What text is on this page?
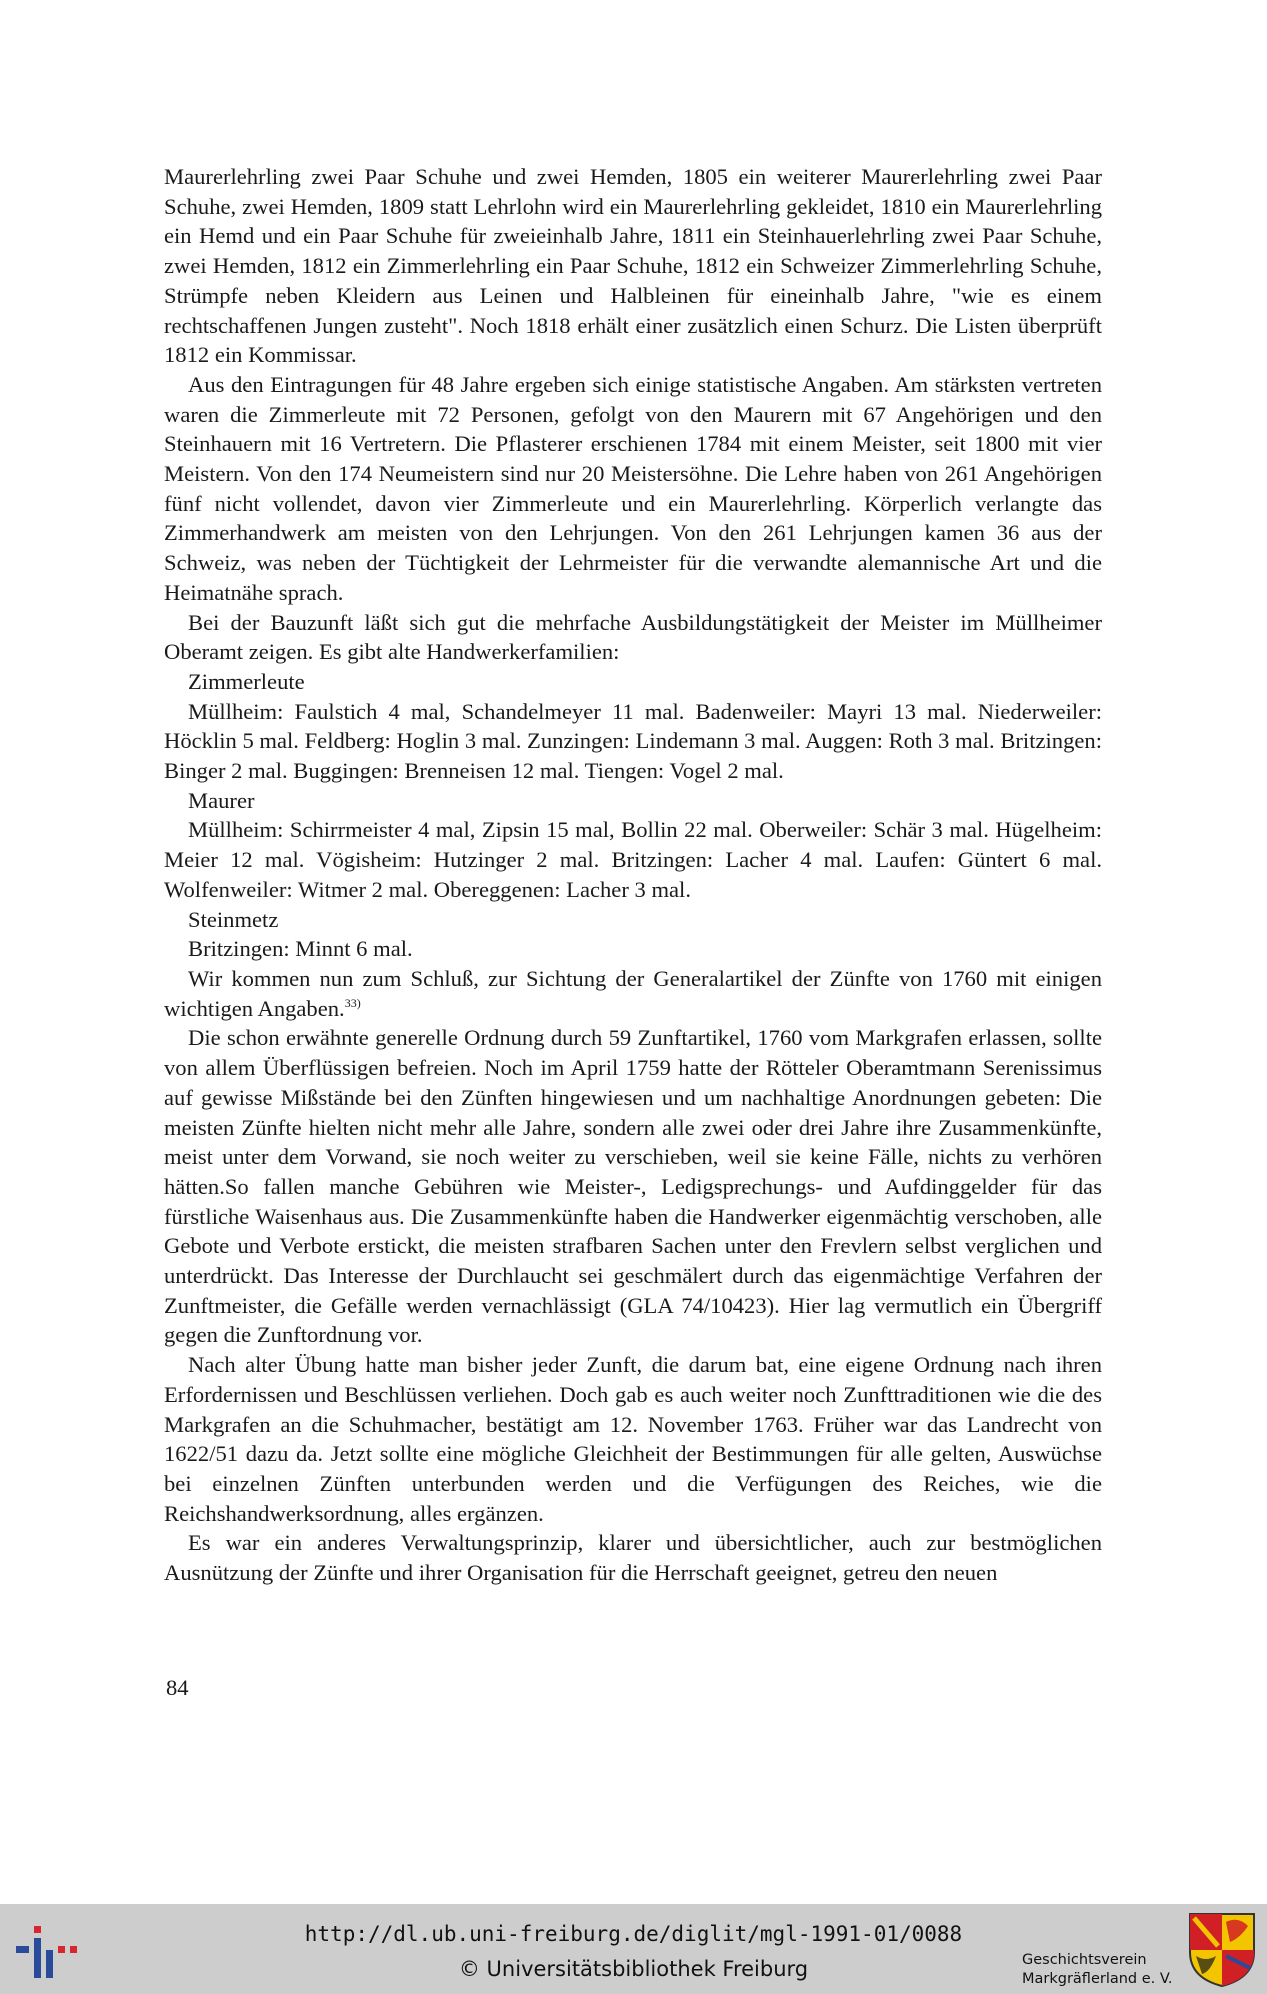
Maurerlehrling zwei Paar Schuhe und zwei Hemden, 1805 ein weiterer Maurerlehrling zwei Paar Schuhe, zwei Hemden, 1809 statt Lehrlohn wird ein Maurerlehrling gekleidet, 1810 ein Maurerlehrling ein Hemd und ein Paar Schuhe für zweieinhalb Jahre, 1811 ein Steinhauerlehrling zwei Paar Schuhe, zwei Hemden, 1812 ein Zimmerlehrling ein Paar Schuhe, 1812 ein Schweizer Zimmerlehrling Schuhe, Strümpfe neben Kleidern aus Leinen und Halbleinen für eineinhalb Jahre, "wie es einem rechtschaffenen Jungen zusteht". Noch 1818 erhält einer zusätzlich einen Schurz. Die Listen überprüft 1812 ein Kommissar.

Aus den Eintragungen für 48 Jahre ergeben sich einige statistische Angaben. Am stärksten vertreten waren die Zimmerleute mit 72 Personen, gefolgt von den Maurern mit 67 Angehörigen und den Steinhauern mit 16 Vertretern. Die Pflasterer erschienen 1784 mit einem Meister, seit 1800 mit vier Meistern. Von den 174 Neumeistern sind nur 20 Meistersöhne. Die Lehre haben von 261 Angehörigen fünf nicht vollendet, davon vier Zimmerleute und ein Maurerlehrling. Körperlich verlangte das Zimmerhandwerk am meisten von den Lehrjungen. Von den 261 Lehrjungen kamen 36 aus der Schweiz, was neben der Tüchtigkeit der Lehrmeister für die verwandte alemannische Art und die Heimatnähe sprach.

Bei der Bauzunft läßt sich gut die mehrfache Ausbildungstätigkeit der Meister im Müllheimer Oberamt zeigen. Es gibt alte Handwerkerfamilien:

Zimmerleute

Müllheim: Faulstich 4 mal, Schandelmeyer 11 mal. Badenweiler: Mayri 13 mal. Niederweiler: Höcklin 5 mal. Feldberg: Hoglin 3 mal. Zunzingen: Lindemann 3 mal. Auggen: Roth 3 mal. Britzingen: Binger 2 mal. Buggingen: Brenneisen 12 mal. Tiengen: Vogel 2 mal.

Maurer

Müllheim: Schirrmeister 4 mal, Zipsin 15 mal, Bollin 22 mal. Oberweiler: Schär 3 mal. Hügelheim: Meier 12 mal. Vögisheim: Hutzinger 2 mal. Britzingen: Lacher 4 mal. Laufen: Güntert 6 mal. Wolfenweiler: Witmer 2 mal. Obereggenen: Lacher 3 mal.

Steinmetz

Britzingen: Minnt 6 mal.

Wir kommen nun zum Schluß, zur Sichtung der Generalartikel der Zünfte von 1760 mit einigen wichtigen Angaben.$^{33)}$

Die schon erwähnte generelle Ordnung durch 59 Zunftartikel, 1760 vom Markgrafen erlassen, sollte von allem Überflüssigen befreien. Noch im April 1759 hatte der Rötteler Oberamtmann Serenissimus auf gewisse Mißstände bei den Zünften hingewiesen und um nachhaltige Anordnungen gebeten: Die meisten Zünfte hielten nicht mehr alle Jahre, sondern alle zwei oder drei Jahre ihre Zusammenkünfte, meist unter dem Vorwand, sie noch weiter zu verschieben, weil sie keine Fälle, nichts zu verhören hätten.So fallen manche Gebühren wie Meister-, Ledigsprechungs- und Aufdinggelder für das fürstliche Waisenhaus aus. Die Zusammenkünfte haben die Handwerker eigenmächtig verschoben, alle Gebote und Verbote erstickt, die meisten strafbaren Sachen unter den Frevlern selbst verglichen und unterdrückt. Das Interesse der Durchlaucht sei geschmälert durch das eigenmächtige Verfahren der Zunftmeister, die Gefälle werden vernachlässigt (GLA 74/10423). Hier lag vermutlich ein Übergriff gegen die Zunftordnung vor.

Nach alter Übung hatte man bisher jeder Zunft, die darum bat, eine eigene Ordnung nach ihren Erfordernissen und Beschlüssen verliehen. Doch gab es auch weiter noch Zunfttraditionen wie die des Markgrafen an die Schuhmacher, bestätigt am 12. November 1763. Früher war das Landrecht von 1622/51 dazu da. Jetzt sollte eine mögliche Gleichheit der Bestimmungen für alle gelten, Auswüchse bei einzelnen Zünften unterbunden werden und die Verfügungen des Reiches, wie die Reichshandwerksordnung, alles ergänzen.

Es war ein anderes Verwaltungsprinzip, klarer und übersichtlicher, auch zur bestmöglichen Ausnützung der Zünfte und ihrer Organisation für die Herrschaft geeignet, getreu den neuen

84
http://dl.ub.uni-freiburg.de/diglit/mgl-1991-01/0088
© Universitätsbibliothek Freiburg	Geschichtsverein
Markgräflerland e. V.
